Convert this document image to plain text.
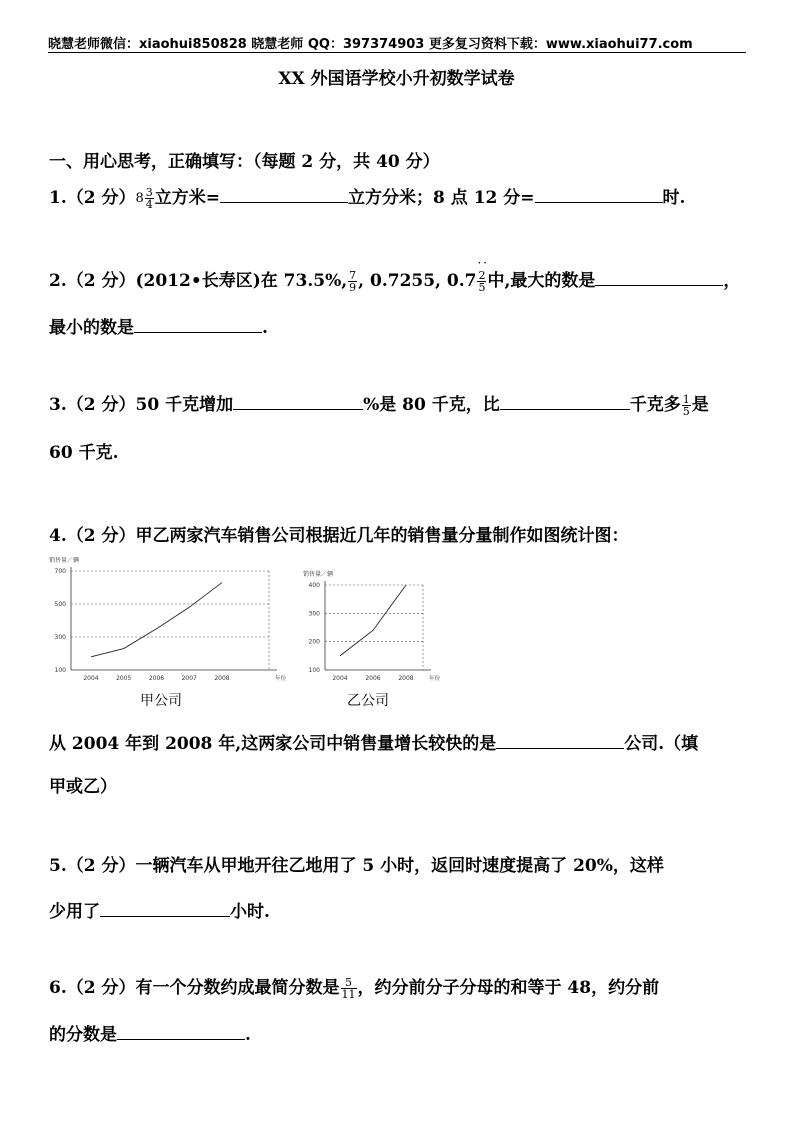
晓慧老师微信：xiaohui850828 晓慧老师 QQ：397374903 更多复习资料下载：www.xiaohui77.com
XX 外国语学校小升初数学试卷
一、用心思考，正确填写：（每题 2 分，共 40 分）
1.（2 分）$8 \frac{3}{4}$ 立方米=	立方分米；8 点 12 分=	时.
2.（2 分）(2012•长寿区)在 73.5%, $\frac{7}{9}$ , 0.7255, 0.7
· · $\frac{2}{5}$ 中,最大的数是	，
最小的数是	.
3.（2 分）50 千克增加	%是 80 千克，比	千克多 $\frac{1}{5}$ 是
60 千克.
4.（2 分）甲乙两家汽车销售公司根据近几年的销售量分量制作如图统计图：
销售量／辆
100
300
500
700
2004	2005	2006	2007	2008	年份
甲公司
销售量／辆
100
200
300
400
2004	2006	2008	年份
乙公司
从 2004 年到 2008 年,这两家公司中销售量增长较快的是	公司.（填
甲或乙）
5.（2 分）一辆汽车从甲地开往乙地用了 5 小时，返回时速度提高了 20%，这样
少用了	小时.
6.（2 分）有一个分数约成最简分数是 $\frac{5}{11}$ ，约分前分子分母的和等于 48，约分前
的分数是	.
